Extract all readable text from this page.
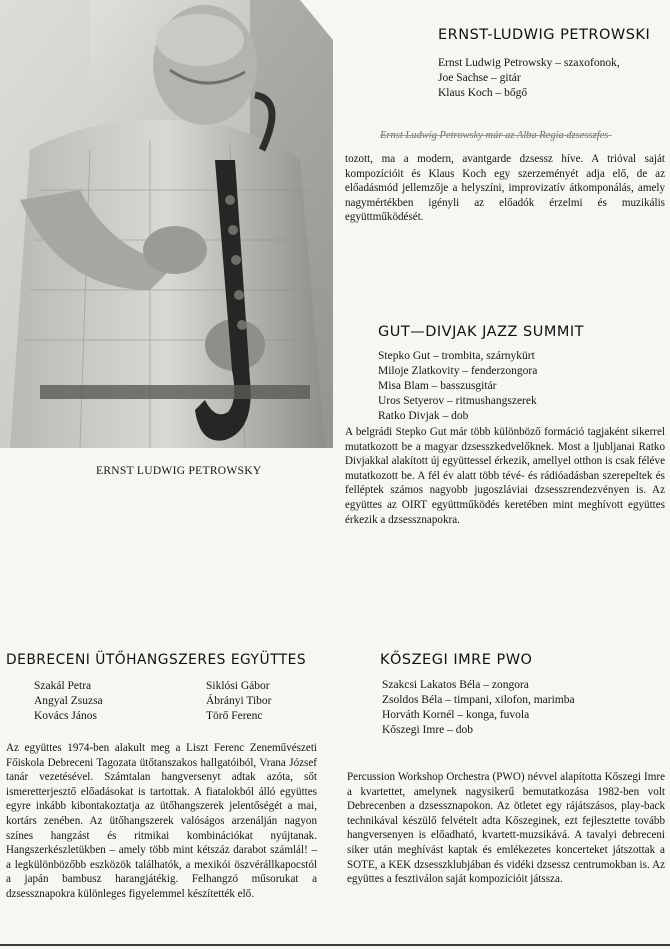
ERNST LUDWIG PETROWSKY
ERNST-LUDWIG PETROWSKI
Ernst Ludwig Petrowsky – szaxofonok,
Joe Sachse – gitár
Klaus Koch – bőgő
Ernst Ludwig Petrowsky már az Alba Regia dzsesszfes-

tozott, ma a modern, avantgarde dzsessz híve. A trióval saját kompozícióit és Klaus Koch egy szerzeményét adja elő, de az előadásmód jellemzője a helyszíni, improvizatív átkomponálás, amely nagymértékben igényli az előadók érzelmi és muzikális együttműködését.

GUT—DIVJAK JAZZ SUMMIT
Stepko Gut – trombita, szárnykürt
Miloje Zlatkovity – fenderzongora
Misa Blam – basszusgitár
Uros Setyerov – ritmushangszerek
Ratko Divjak – dob

A belgrádi Stepko Gut már több különböző formáció tagjaként sikerrel mutatkozott be a magyar dzsesszkedvelőknek. Most a ljubljanai Ratko Divjakkal alakított új együttessel érkezik, amellyel otthon is csak féléve mutatkozott be. A fél év alatt több tévé- és rádióadásban szerepeltek és felléptek számos nagyobb jugoszláviai dzsesszrendezvényen is. Az együttes az OIRT együttműködés keretében mint meghívott együttes érkezik a dzsessznapokra.

DEBRECENI ÜTŐHANGSZERES EGYÜTTES
Szakál Petra
Angyal Zsuzsa
Kovács János
Siklósi Gábor
Ábrányi Tibor
Törő Ferenc

Az együttes 1974-ben alakult meg a Liszt Ferenc Zeneművészeti Főiskola Debreceni Tagozata ütőtanszakos hallgatóiból, Vrana József tanár vezetésével. Számtalan hangversenyt adtak azóta, sőt ismeretterjesztő előadásokat is tartottak. A fiatalokból álló együttes egyre inkább kibontakoztatja az ütőhangszerek jelentőségét a mai, kortárs zenében. Az ütőhangszerek valóságos arzenálján nagyon színes hangzást és ritmikai kombinációkat nyújtanak. Hangszerkészletükben – amely több mint kétszáz darabot számlál! – a legkülönbözőbb eszközök találhatók, a mexikói öszvérállkapocstól a japán bambusz harangjátékig. Felhangzó műsorukat a dzsessznapokra különleges figyelemmel készítették elő.

KŐSZEGI IMRE PWO
Szakcsi Lakatos Béla – zongora
Zsoldos Béla – timpani, xilofon, marimba
Horváth Kornél – konga, fuvola
Kőszegi Imre – dob

Percussion Workshop Orchestra (PWO) névvel alapította Kőszegi Imre a kvartettet, amelynek nagysikerű bemutatkozása 1982-ben volt Debrecenben a dzsessznapokon. Az ötletet egy rájátszásos, play-back technikával készülő felvételt adta Kőszeginek, ezt fejlesztette tovább hangversenyen is előadható, kvartett-muzsikává. A tavalyi debreceni siker után meghívást kaptak és emlékezetes koncerteket játszottak a SOTE, a KEK dzsesszklubjában és vidéki dzsessz centrumokban is. Az együttes a fesztiválon saját kompozícióit játssza.
